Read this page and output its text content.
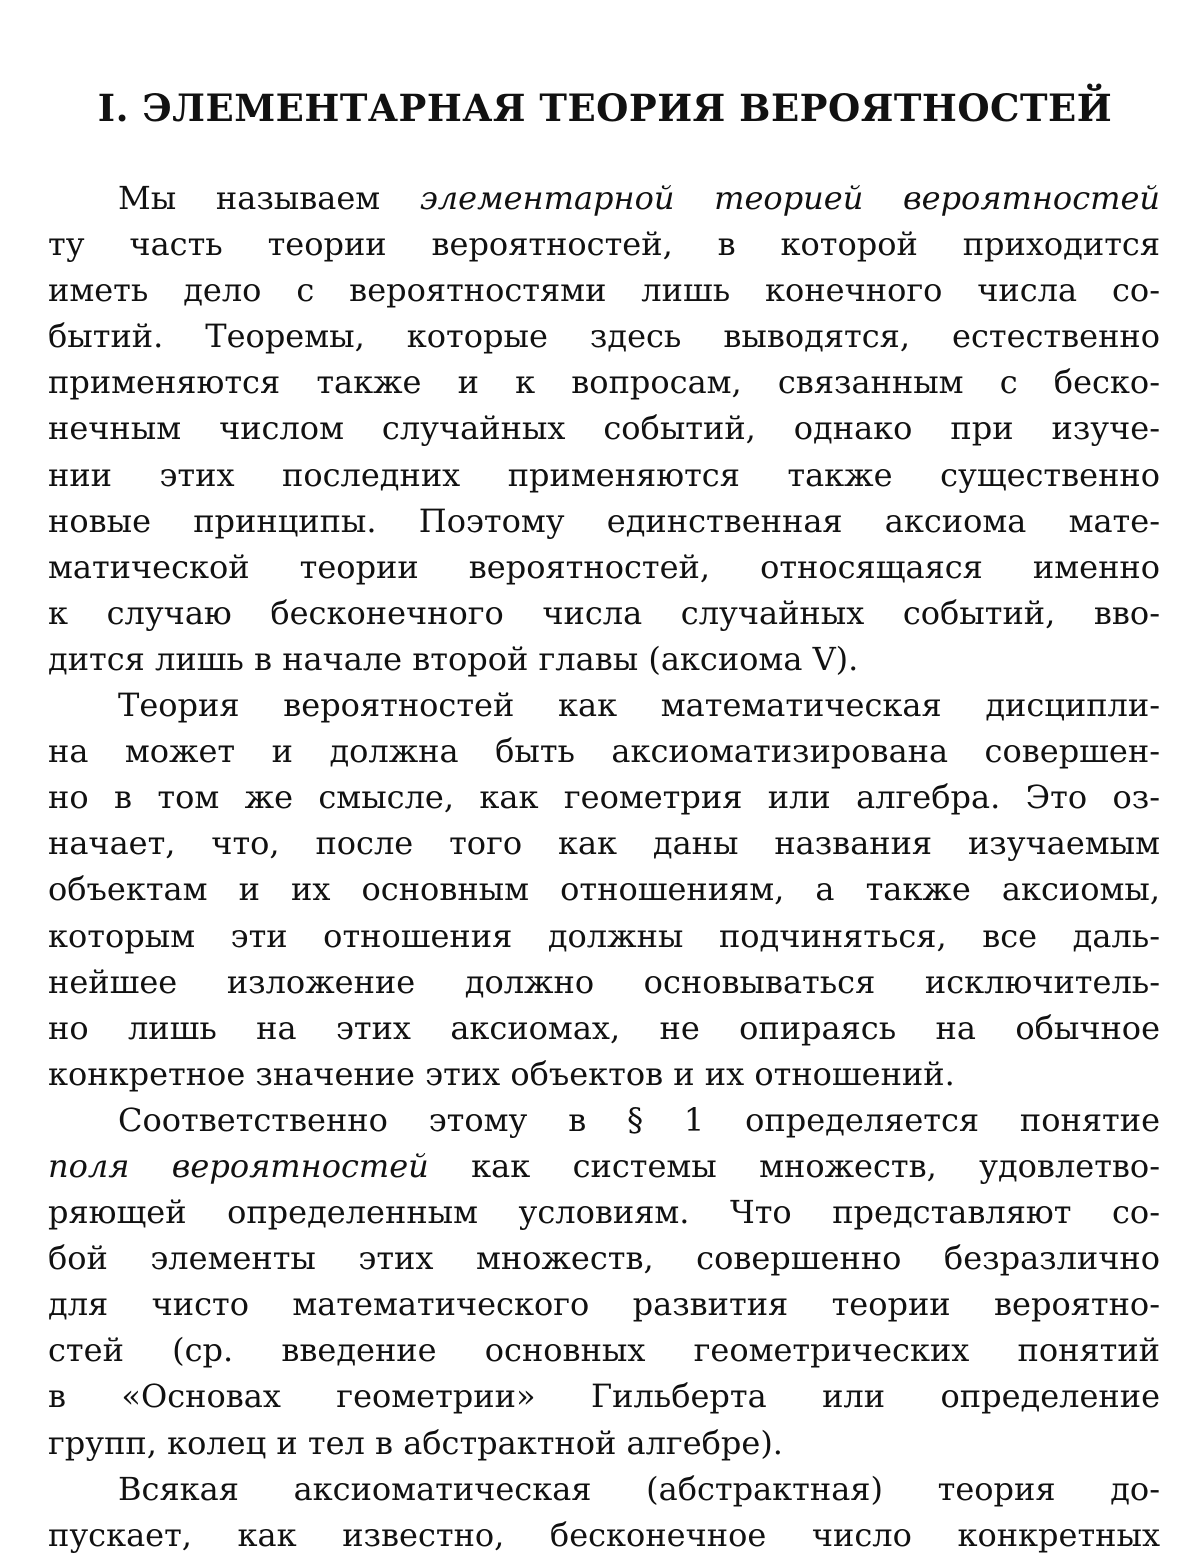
I. ЭЛЕМЕНТАРНАЯ ТЕОРИЯ ВЕРОЯТНОСТЕЙ
Мы называем элементарной теорией вероятностей
ту часть теории вероятностей, в которой приходится
иметь дело с вероятностями лишь конечного числа со-
бытий. Теоремы, которые здесь выводятся, естественно
применяются также и к вопросам, связанным с беско-
нечным числом случайных событий, однако при изуче-
нии этих последних применяются также существенно
новые принципы. Поэтому единственная аксиома мате-
матической теории вероятностей, относящаяся именно
к случаю бесконечного числа случайных событий, вво-
дится лишь в начале второй главы (аксиома V).
Теория вероятностей как математическая дисципли-
на может и должна быть аксиоматизирована совершен-
но в том же смысле, как геометрия или алгебра. Это оз-
начает, что, после того как даны названия изучаемым
объектам и их основным отношениям, а также аксиомы,
которым эти отношения должны подчиняться, все даль-
нейшее изложение должно основываться исключитель-
но лишь на этих аксиомах, не опираясь на обычное
конкретное значение этих объектов и их отношений.
Соответственно этому в § 1 определяется понятие
поля вероятностей как системы множеств, удовлетво-
ряющей определенным условиям. Что представляют со-
бой элементы этих множеств, совершенно безразлично
для чисто математического развития теории вероятно-
стей (ср. введение основных геометрических понятий
в «Основах геометрии» Гильберта или определение
групп, колец и тел в абстрактной алгебре).
Всякая аксиоматическая (абстрактная) теория до-
пускает, как известно, бесконечное число конкретных
